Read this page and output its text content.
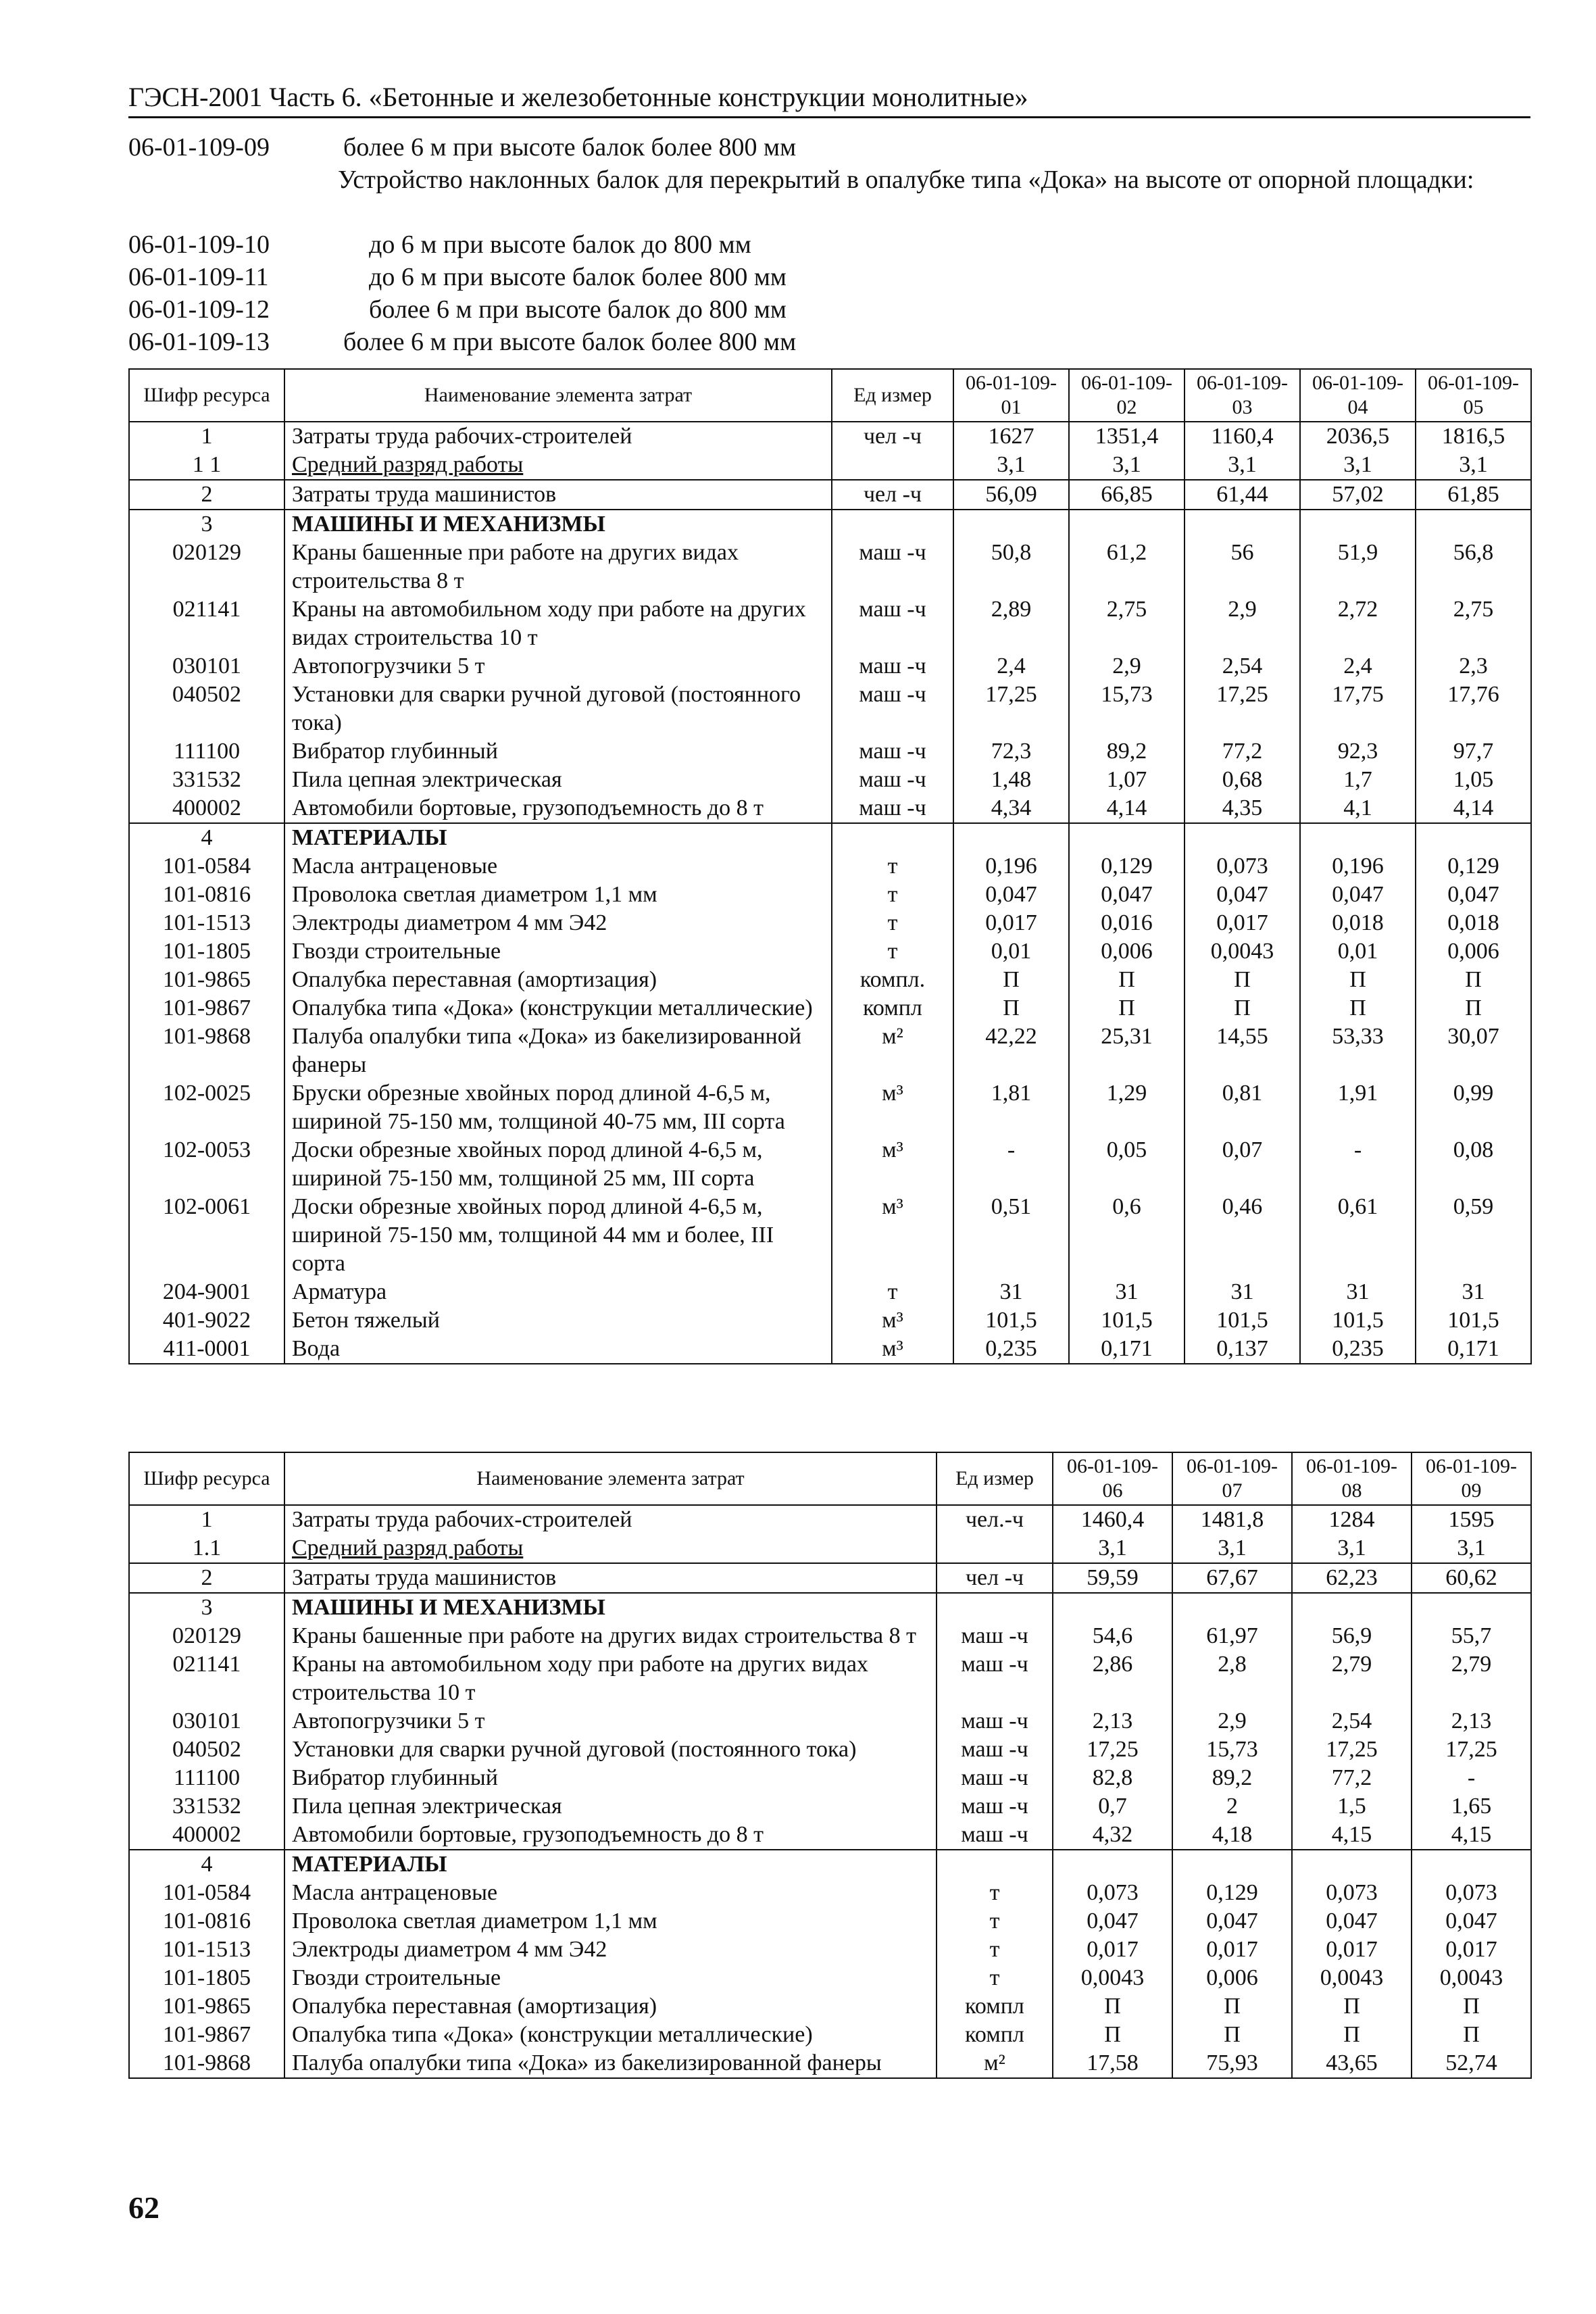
ГЭСН-2001 Часть 6. «Бетонные и железобетонные конструкции монолитные»
06-01-109-09	более 6 м при высоте балок более 800 мм
Устройство наклонных балок для перекрытий в опалубке типа «Дока» на высоте от опорной площадки:
06-01-109-10	до 6 м при высоте балок до 800 мм
06-01-109-11	до 6 м при высоте балок более 800 мм
06-01-109-12	более 6 м при высоте балок до 800 мм
06-01-109-13	более 6 м при высоте балок более 800 мм
Шифр ресурса	Наименование элемента затрат	Ед измер	06-01-109-01	06-01-109-02	06-01-109-03	06-01-109-04	06-01-109-05
1	Затраты труда рабочих-строителей	чел -ч	1627	1351,4	1160,4	2036,5	1816,5
1 1	Средний разряд работы		3,1	3,1	3,1	3,1	3,1
2	Затраты труда машинистов	чел -ч	56,09	66,85	61,44	57,02	61,85
3	МАШИНЫ И МЕХАНИЗМЫ						
020129	Краны башенные при работе на других видах строительства 8 т	маш -ч	50,8	61,2	56	51,9	56,8
021141	Краны на автомобильном ходу при работе на других видах строительства 10 т	маш -ч	2,89	2,75	2,9	2,72	2,75
030101	Автопогрузчики 5 т	маш -ч	2,4	2,9	2,54	2,4	2,3
040502	Установки для сварки ручной дуговой (постоянного тока)	маш -ч	17,25	15,73	17,25	17,75	17,76
111100	Вибратор глубинный	маш -ч	72,3	89,2	77,2	92,3	97,7
331532	Пила цепная электрическая	маш -ч	1,48	1,07	0,68	1,7	1,05
400002	Автомобили бортовые, грузоподъемность до 8 т	маш -ч	4,34	4,14	4,35	4,1	4,14
4	МАТЕРИАЛЫ						
101-0584	Масла антраценовые	т	0,196	0,129	0,073	0,196	0,129
101-0816	Проволока светлая диаметром 1,1 мм	т	0,047	0,047	0,047	0,047	0,047
101-1513	Электроды диаметром 4 мм Э42	т	0,017	0,016	0,017	0,018	0,018
101-1805	Гвозди строительные	т	0,01	0,006	0,0043	0,01	0,006
101-9865	Опалубка переставная (амортизация)	компл.	П	П	П	П	П
101-9867	Опалубка типа «Дока» (конструкции металлические)	компл	П	П	П	П	П
101-9868	Палуба опалубки типа «Дока» из бакелизированной фанеры	м²	42,22	25,31	14,55	53,33	30,07
102-0025	Бруски обрезные хвойных пород длиной 4-6,5 м, шириной 75-150 мм, толщиной 40-75 мм, III сорта	м³	1,81	1,29	0,81	1,91	0,99
102-0053	Доски обрезные хвойных пород длиной 4-6,5 м, шириной 75-150 мм, толщиной 25 мм, III сорта	м³	-	0,05	0,07	-	0,08
102-0061	Доски обрезные хвойных пород длиной 4-6,5 м, шириной 75-150 мм, толщиной 44 мм и более, III сорта	м³	0,51	0,6	0,46	0,61	0,59
204-9001	Арматура	т	31	31	31	31	31
401-9022	Бетон тяжелый	м³	101,5	101,5	101,5	101,5	101,5
411-0001	Вода	м³	0,235	0,171	0,137	0,235	0,171
Шифр ресурса	Наименование элемента затрат	Ед измер	06-01-109-06	06-01-109-07	06-01-109-08	06-01-109-09
1	Затраты труда рабочих-строителей	чел.-ч	1460,4	1481,8	1284	1595
1.1	Средний разряд работы		3,1	3,1	3,1	3,1
2	Затраты труда машинистов	чел -ч	59,59	67,67	62,23	60,62
3	МАШИНЫ И МЕХАНИЗМЫ					
020129	Краны башенные при работе на других видах строительства 8 т	маш -ч	54,6	61,97	56,9	55,7
021141	Краны на автомобильном ходу при работе на других видах строительства 10 т	маш -ч	2,86	2,8	2,79	2,79
030101	Автопогрузчики 5 т	маш -ч	2,13	2,9	2,54	2,13
040502	Установки для сварки ручной дуговой (постоянного тока)	маш -ч	17,25	15,73	17,25	17,25
111100	Вибратор глубинный	маш -ч	82,8	89,2	77,2	-
331532	Пила цепная электрическая	маш -ч	0,7	2	1,5	1,65
400002	Автомобили бортовые, грузоподъемность до 8 т	маш -ч	4,32	4,18	4,15	4,15
4	МАТЕРИАЛЫ					
101-0584	Масла антраценовые	т	0,073	0,129	0,073	0,073
101-0816	Проволока светлая диаметром 1,1 мм	т	0,047	0,047	0,047	0,047
101-1513	Электроды диаметром 4 мм Э42	т	0,017	0,017	0,017	0,017
101-1805	Гвозди строительные	т	0,0043	0,006	0,0043	0,0043
101-9865	Опалубка переставная (амортизация)	компл	П	П	П	П
101-9867	Опалубка типа «Дока» (конструкции металлические)	компл	П	П	П	П
101-9868	Палуба опалубки типа «Дока» из бакелизированной фанеры	м²	17,58	75,93	43,65	52,74
62
